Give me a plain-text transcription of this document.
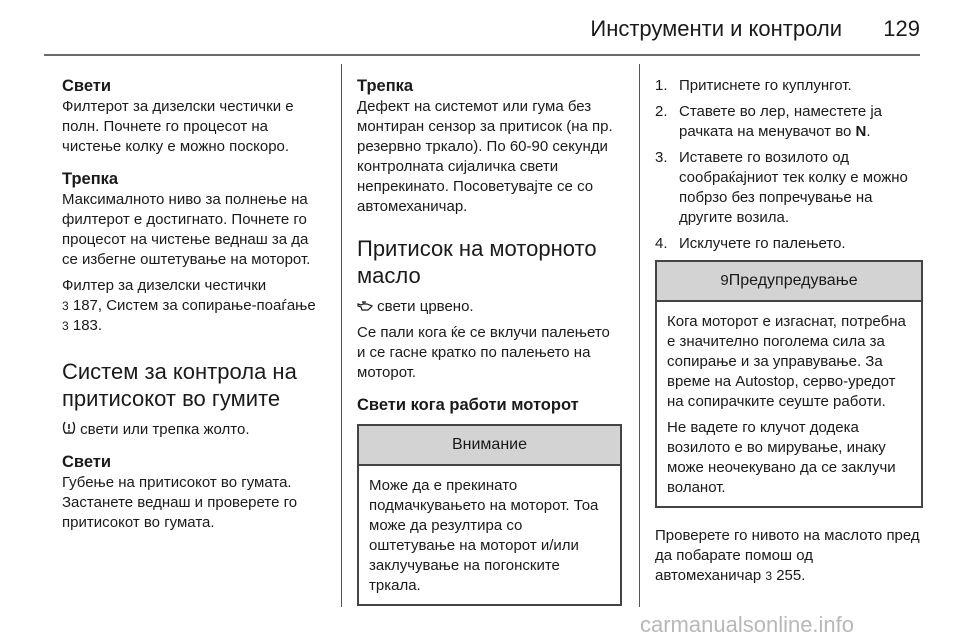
Инструменти и контроли 129
Свети

Филтерот за дизелски честички е полн. Почнете го процесот на чистење колку е можно поскоро.

Трепка

Максималното ниво за полнење на филтерот е достигнато. Почнете го процесот на чистење веднаш за да се избегне оштетување на моторот.

Филтер за дизелски честички
3 187, Систем за сопирање-поаѓање 3 183.

Систем за контрола на притисокот во гумите

свети или трепка жолто.

Свети

Губење на притисокот во гумата. Застанете веднаш и проверете го притисокот во гумата.

Трепка

Дефект на системот или гума без монтиран сензор за притисок (на пр. резервно тркало). По 60-90 секунди контролната сијаличка свети непрекинато. Посоветувајте се со автомеханичар.

Притисок на моторното масло

свети црвено.

Се пали кога ќе се вклучи палењето и се гасне кратко по палењето на моторот.

Свети кога работи моторот
Внимание

Може да е прекинато подмачкувањето на моторот. Тоа може да резултира со оштетување на моторот и/или заклучување на погонските тркала.

1. Притиснете го куплунгот.
2. Ставете во лер, наместете ја рачката на менувачот во N.
3. Иставете го возилото од сообраќајниот тек колку е можно побрзо без попречување на другите возила.
4. Исклучете го палењето.
9Предупредување

Кога моторот е изгаснат, потребна е значително поголема сила за сопирање и за управување. За време на Autostop, серво-уредот на сопирачките сеуште работи.

Не вадете го клучот додека возилото е во мирување, инаку може неочекувано да се заклучи воланот.

Проверете го нивото на маслото пред да побарате помош од автомеханичар 3 255.

carmanualsonline.info
